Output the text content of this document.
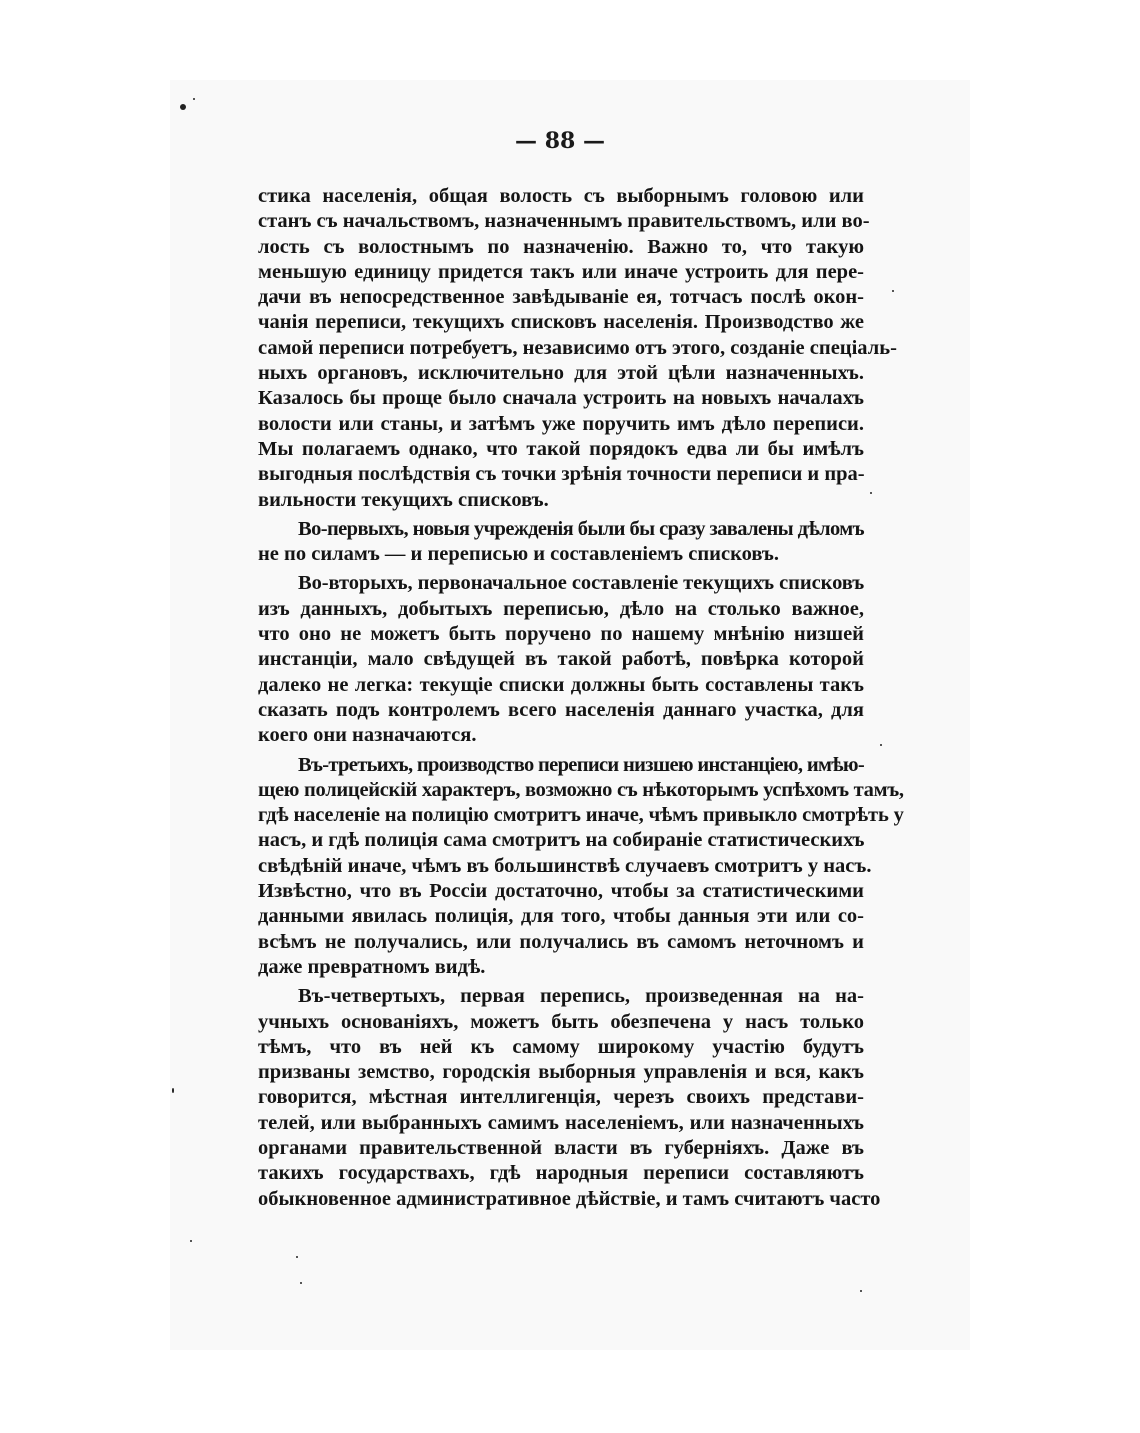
— 88 —
стика населенія, общая волость съ выборнымъ головою или
станъ съ начальствомъ, назначеннымъ правительствомъ, или во-
лость съ волостнымъ по назначенію. Важно то, что такую
меньшую единицу придется такъ или иначе устроить для пере-
дачи въ непосредственное завѣдываніе ея, тотчасъ послѣ окон-
чанія переписи, текущихъ списковъ населенія. Производство же
самой переписи потребуетъ, независимо отъ этого, созданіе спеціаль-
ныхъ органовъ, исключительно для этой цѣли назначенныхъ.
Казалось бы проще было сначала устроить на новыхъ началахъ
волости или станы, и затѣмъ уже поручить имъ дѣло переписи.
Мы полагаемъ однако, что такой порядокъ едва ли бы имѣлъ
выгодныя послѣдствія съ точки зрѣнія точности переписи и пра-
вильности текущихъ списковъ.
Во-первыхъ, новыя учрежденія были бы сразу завалены дѣломъ
не по силамъ — и переписью и составленіемъ списковъ.
Во-вторыхъ, первоначальное составленіе текущихъ списковъ
изъ данныхъ, добытыхъ переписью, дѣло на столько важное,
что оно не можетъ быть поручено по нашему мнѣнію низшей
инстанціи, мало свѣдущей въ такой работѣ, повѣрка которой
далеко не легка: текущіе списки должны быть составлены такъ
сказать подъ контролемъ всего населенія даннаго участка, для
коего они назначаются.
Въ-третьихъ, производство переписи низшею инстанціею, имѣю-
щею полицейскій характеръ, возможно съ нѣкоторымъ успѣхомъ тамъ,
гдѣ населеніе на полицію смотритъ иначе, чѣмъ привыкло смотрѣть у
насъ, и гдѣ полиція сама смотритъ на собираніе статистическихъ
свѣдѣній иначе, чѣмъ въ большинствѣ случаевъ смотритъ у насъ.
Извѣстно, что въ Россіи достаточно, чтобы за статистическими
данными явилась полиція, для того, чтобы данныя эти или со-
всѣмъ не получались, или получались въ самомъ неточномъ и
даже превратномъ видѣ.
Въ-четвертыхъ, первая перепись, произведенная на на-
учныхъ основаніяхъ, можетъ быть обезпечена у насъ только
тѣмъ, что въ ней къ самому широкому участію будутъ
призваны земство, городскія выборныя управленія и вся, какъ
говорится, мѣстная интеллигенція, черезъ своихъ представи-
телей, или выбранныхъ самимъ населеніемъ, или назначенныхъ
органами правительственной власти въ губерніяхъ. Даже въ
такихъ государствахъ, гдѣ народныя переписи составляютъ
обыкновенное административное дѣйствіе, и тамъ считаютъ часто
